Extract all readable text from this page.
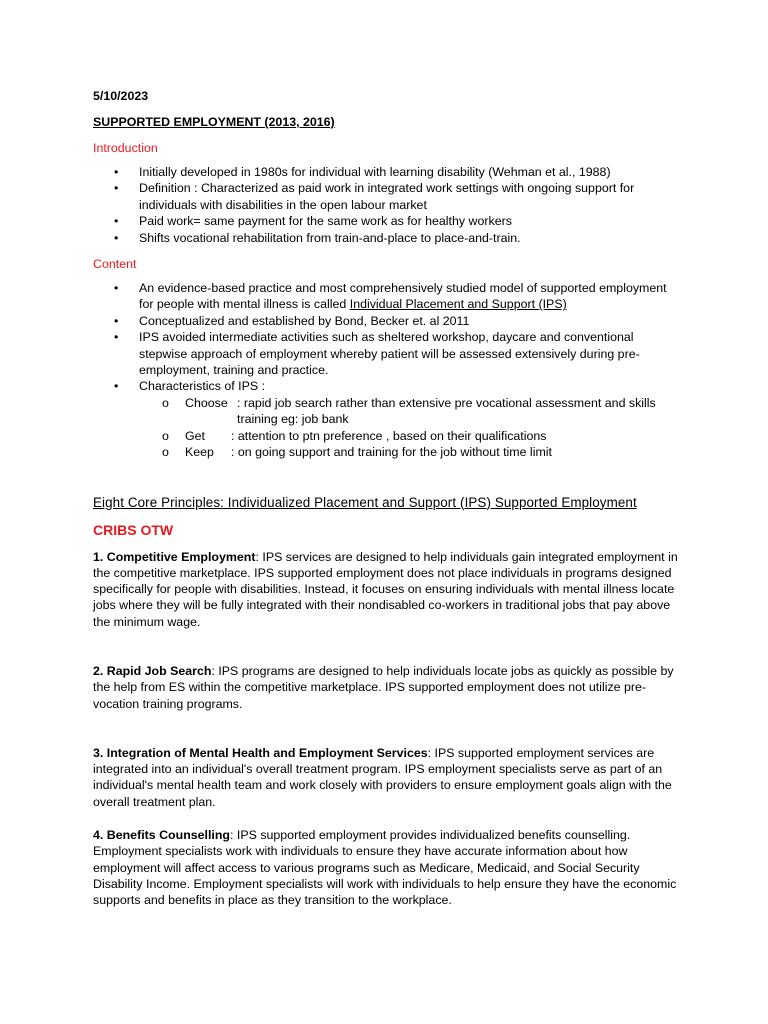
5/10/2023

SUPPORTED EMPLOYMENT (2013, 2016)

Introduction

• Initially developed in 1980s for individual with learning disability (Wehman et al., 1988)
• Definition : Characterized as paid work in integrated work settings with ongoing support for individuals with disabilities in the open labour market
• Paid work= same payment for the same work as for healthy workers
• Shifts vocational rehabilitation from train-and-place to place-and-train.

Content

• An evidence-based practice and most comprehensively studied model of supported employment for people with mental illness is called Individual Placement and Support (IPS)
• Conceptualized and established by Bond, Becker et. al 2011
• IPS avoided intermediate activities such as sheltered workshop, daycare and conventional stepwise approach of employment whereby patient will be assessed extensively during pre-employment, training and practice.
• Characteristics of IPS :
o Choose : rapid job search rather than extensive pre vocational assessment and skills training eg: job bank
o Get	: attention to ptn preference , based on their qualifications
o Keep	: on going support and training for the job without time limit

Eight Core Principles: Individualized Placement and Support (IPS) Supported Employment

CRIBS OTW

1. Competitive Employment: IPS services are designed to help individuals gain integrated employment in the competitive marketplace. IPS supported employment does not place individuals in programs designed specifically for people with disabilities. Instead, it focuses on ensuring individuals with mental illness locate jobs where they will be fully integrated with their nondisabled co-workers in traditional jobs that pay above the minimum wage.

2. Rapid Job Search: IPS programs are designed to help individuals locate jobs as quickly as possible by the help from ES within the competitive marketplace. IPS supported employment does not utilize pre-vocation training programs.

3. Integration of Mental Health and Employment Services: IPS supported employment services are integrated into an individual's overall treatment program. IPS employment specialists serve as part of an individual's mental health team and work closely with providers to ensure employment goals align with the overall treatment plan.

4. Benefits Counselling: IPS supported employment provides individualized benefits counselling. Employment specialists work with individuals to ensure they have accurate information about how employment will affect access to various programs such as Medicare, Medicaid, and Social Security Disability Income. Employment specialists will work with individuals to help ensure they have the economic supports and benefits in place as they transition to the workplace.
